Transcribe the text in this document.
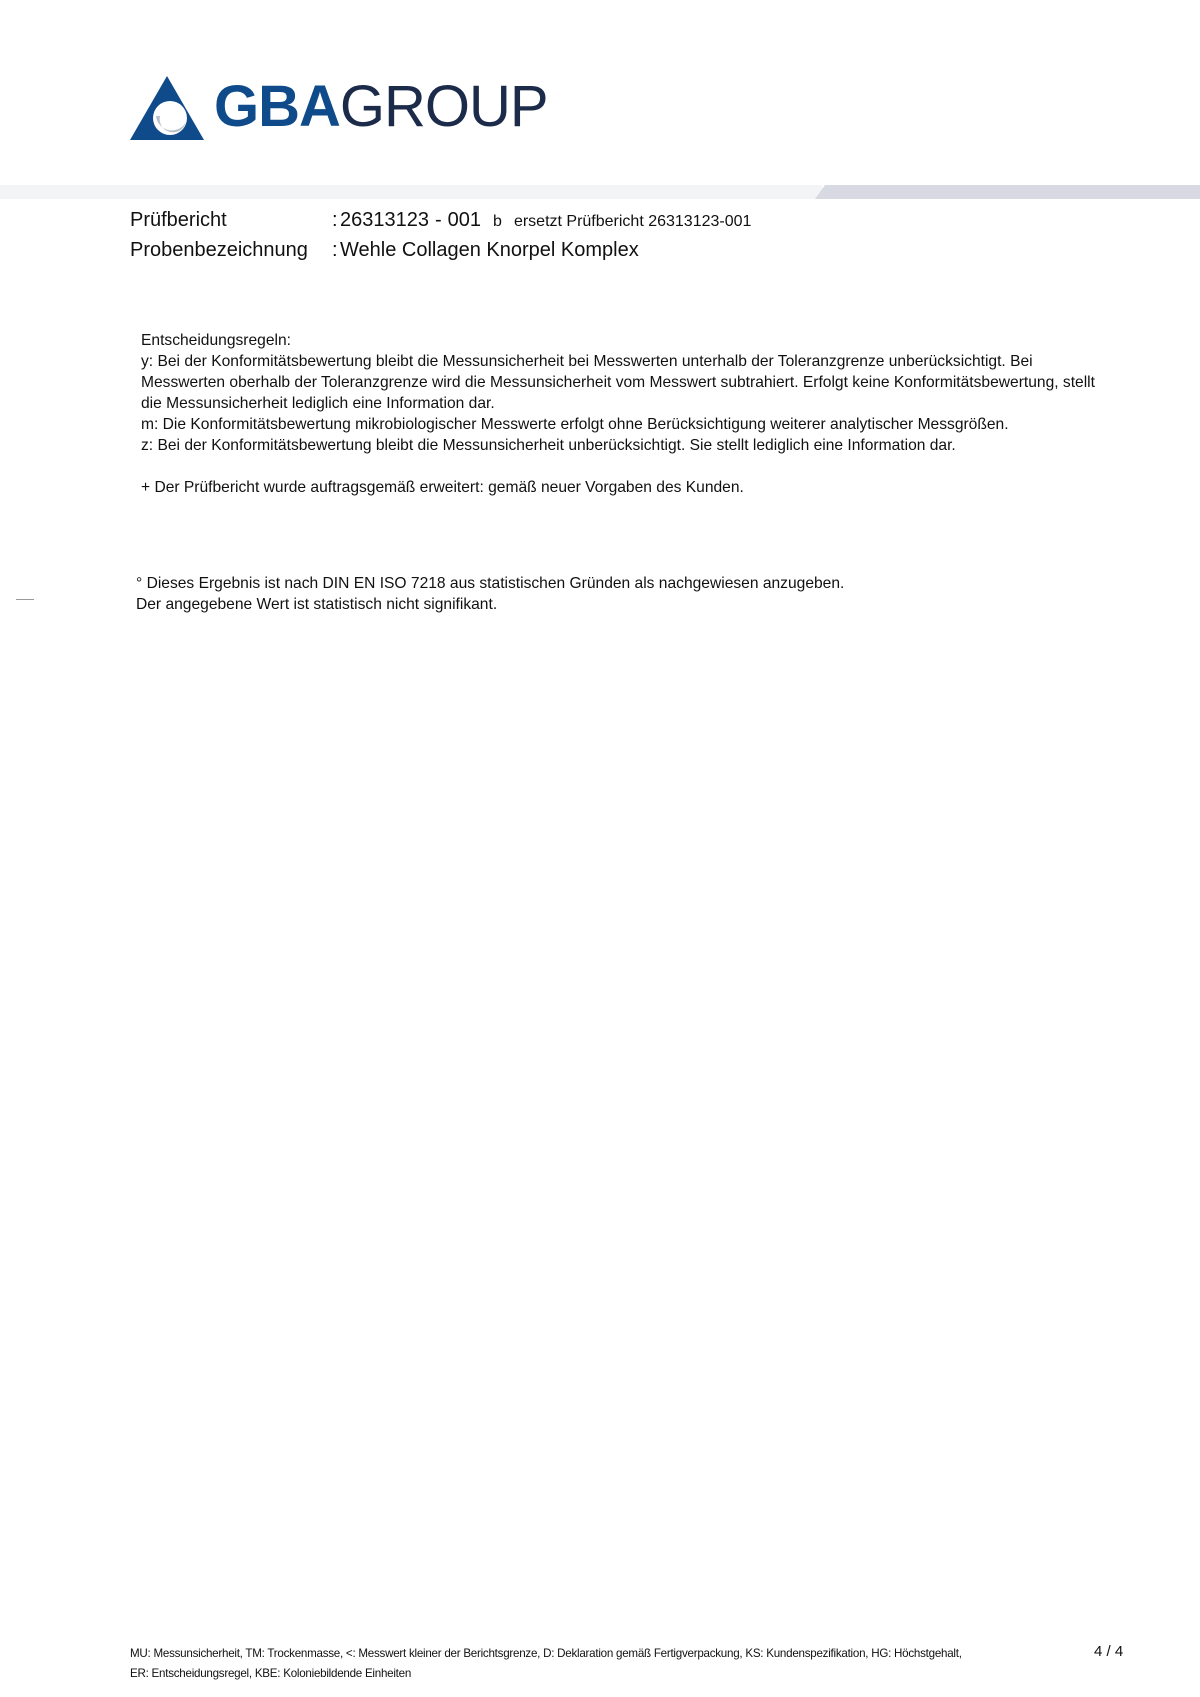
GBAGROUP
Prüfbericht	: 26313123 - 001 b ersetzt Prüfbericht 26313123-001
Probenbezeichnung : Wehle Collagen Knorpel Komplex

Entscheidungsregeln:

y: Bei der Konformitätsbewertung bleibt die Messunsicherheit bei Messwerten unterhalb der Toleranzgrenze unberücksichtigt. Bei Messwerten oberhalb der Toleranzgrenze wird die Messunsicherheit vom Messwert subtrahiert. Erfolgt keine Konformitätsbewertung, stellt die Messunsicherheit lediglich eine Information dar.

m: Die Konformitätsbewertung mikrobiologischer Messwerte erfolgt ohne Berücksichtigung weiterer analytischer Messgrößen.

z: Bei der Konformitätsbewertung bleibt die Messunsicherheit unberücksichtigt. Sie stellt lediglich eine Information dar.

+ Der Prüfbericht wurde auftragsgemäß erweitert: gemäß neuer Vorgaben des Kunden.

° Dieses Ergebnis ist nach DIN EN ISO 7218 aus statistischen Gründen als nachgewiesen anzugeben.

Der angegebene Wert ist statistisch nicht signifikant.

MU: Messunsicherheit, TM: Trockenmasse, <: Messwert kleiner der Berichtsgrenze, D: Deklaration gemäß Fertigverpackung, KS: Kundenspezifikation, HG: Höchstgehalt,

ER: Entscheidungsregel, KBE: Koloniebildende Einheiten

4 / 4
